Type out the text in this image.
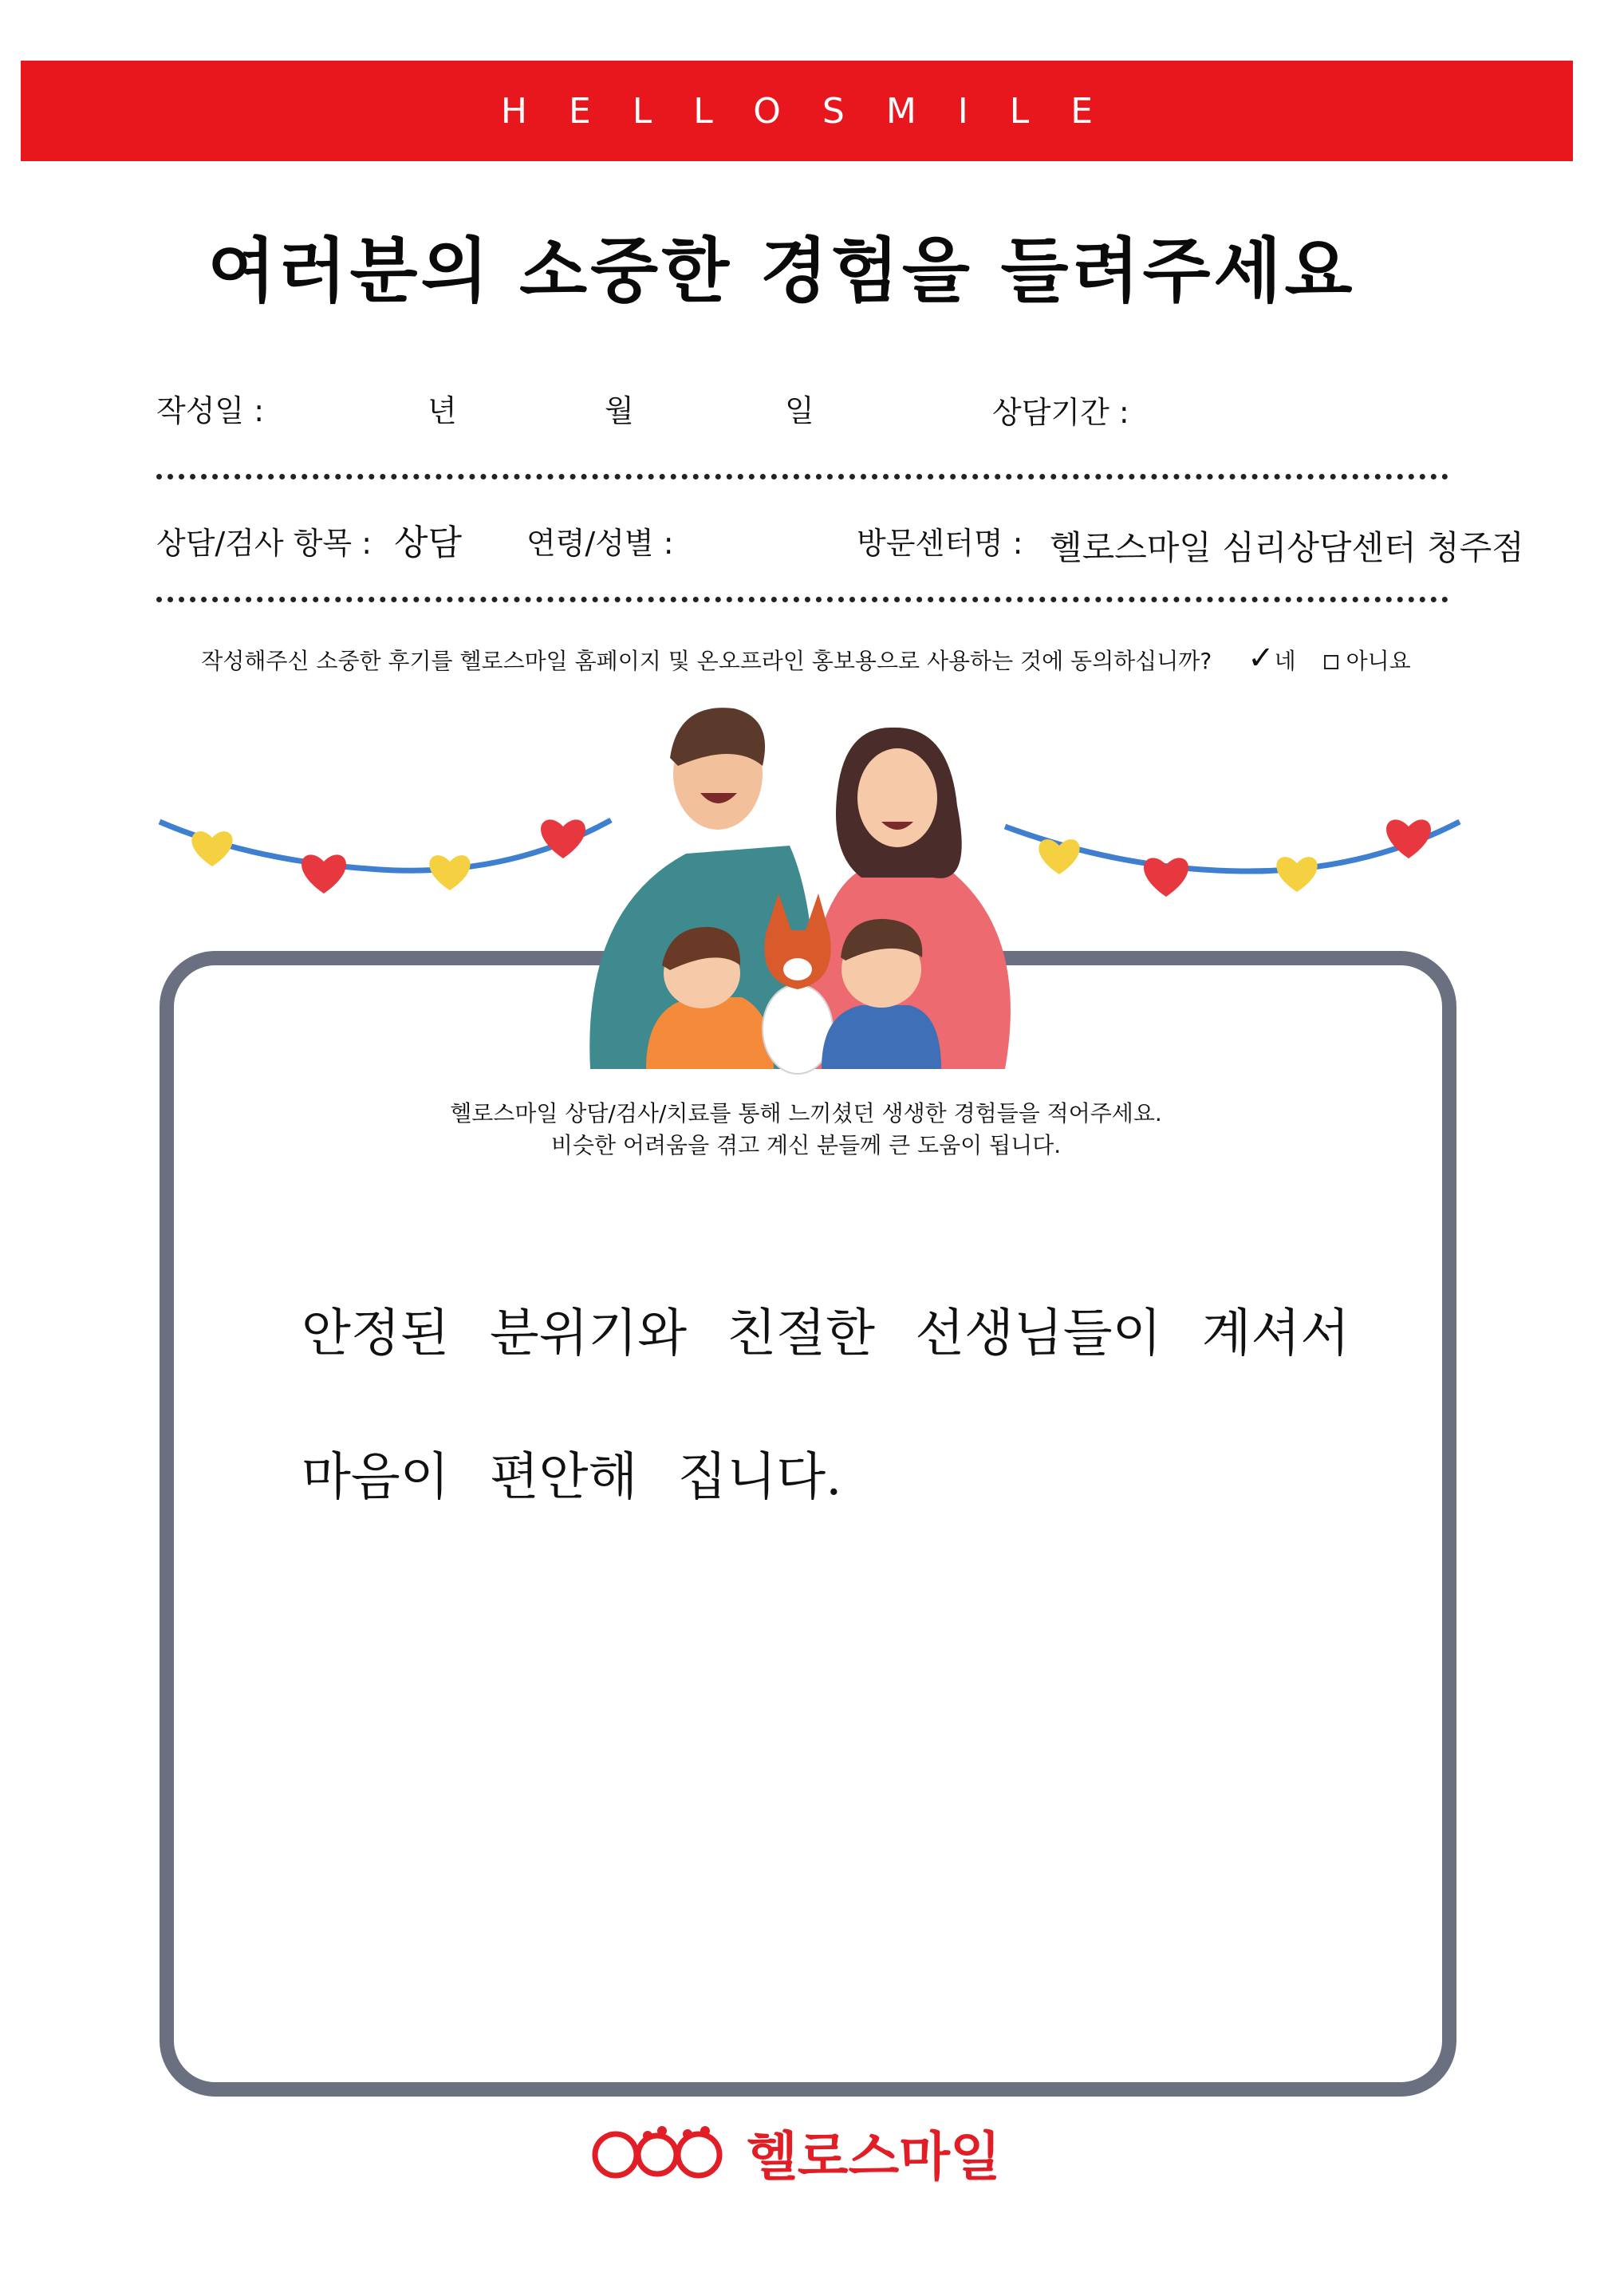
HELLOSMILE
여러분의 소중한 경험을 들려주세요
작성일 :	년	월	일	상담기간 :
상담/검사 항목 : 상담 연령/성별 :	방문센터명 : 헬로스마일 심리상담센터 청주점
작성해주신 소중한 후기를 헬로스마일 홈페이지 및 온오프라인 홍보용으로 사용하는 것에 동의하십니까? ✓네 아니요
헬로스마일 상담/검사/치료를 통해 느끼셨던 생생한 경험들을 적어주세요.
비슷한 어려움을 겪고 계신 분들께 큰 도움이 됩니다.
안정된 분위기와 친절한 선생님들이 계셔서
마음이 편안해 집니다.
헬로스마일
